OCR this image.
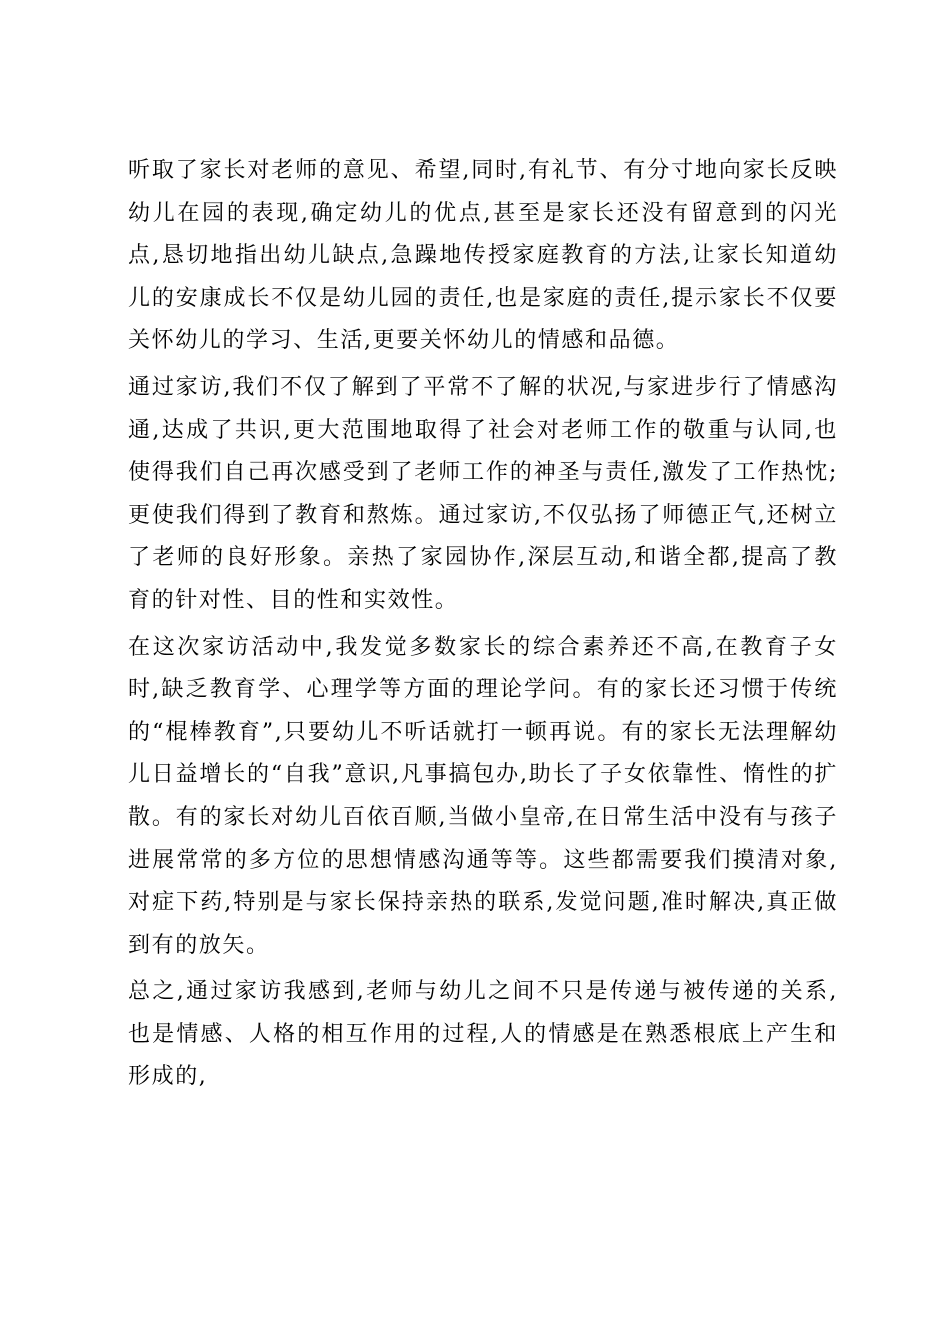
听取了家长对老师的意见、希望,同时,有礼节、有分寸地向家长反映幼儿在园的表现,确定幼儿的优点,甚至是家长还没有留意到的闪光点,恳切地指出幼儿缺点,急躁地传授家庭教育的方法,让家长知道幼儿的安康成长不仅是幼儿园的责任,也是家庭的责任,提示家长不仅要关怀幼儿的学习、生活,更要关怀幼儿的情感和品德。

通过家访,我们不仅了解到了平常不了解的状况,与家进步行了情感沟通,达成了共识,更大范围地取得了社会对老师工作的敬重与认同,也使得我们自己再次感受到了老师工作的神圣与责任,激发了工作热忱;更使我们得到了教育和熬炼。通过家访,不仅弘扬了师德正气,还树立了老师的良好形象。亲热了家园协作,深层互动,和谐全都,提高了教育的针对性、目的性和实效性。

在这次家访活动中,我发觉多数家长的综合素养还不高,在教育子女时,缺乏教育学、心理学等方面的理论学问。有的家长还习惯于传统的“棍棒教育”,只要幼儿不听话就打一顿再说。有的家长无法理解幼儿日益增长的“自我”意识,凡事搞包办,助长了子女依靠性、惰性的扩散。有的家长对幼儿百依百顺,当做小皇帝,在日常生活中没有与孩子进展常常的多方位的思想情感沟通等等。这些都需要我们摸清对象,对症下药,特别是与家长保持亲热的联系,发觉问题,准时解决,真正做到有的放矢。

总之,通过家访我感到,老师与幼儿之间不只是传递与被传递的关系,也是情感、人格的相互作用的过程,人的情感是在熟悉根底上产生和形成的,
